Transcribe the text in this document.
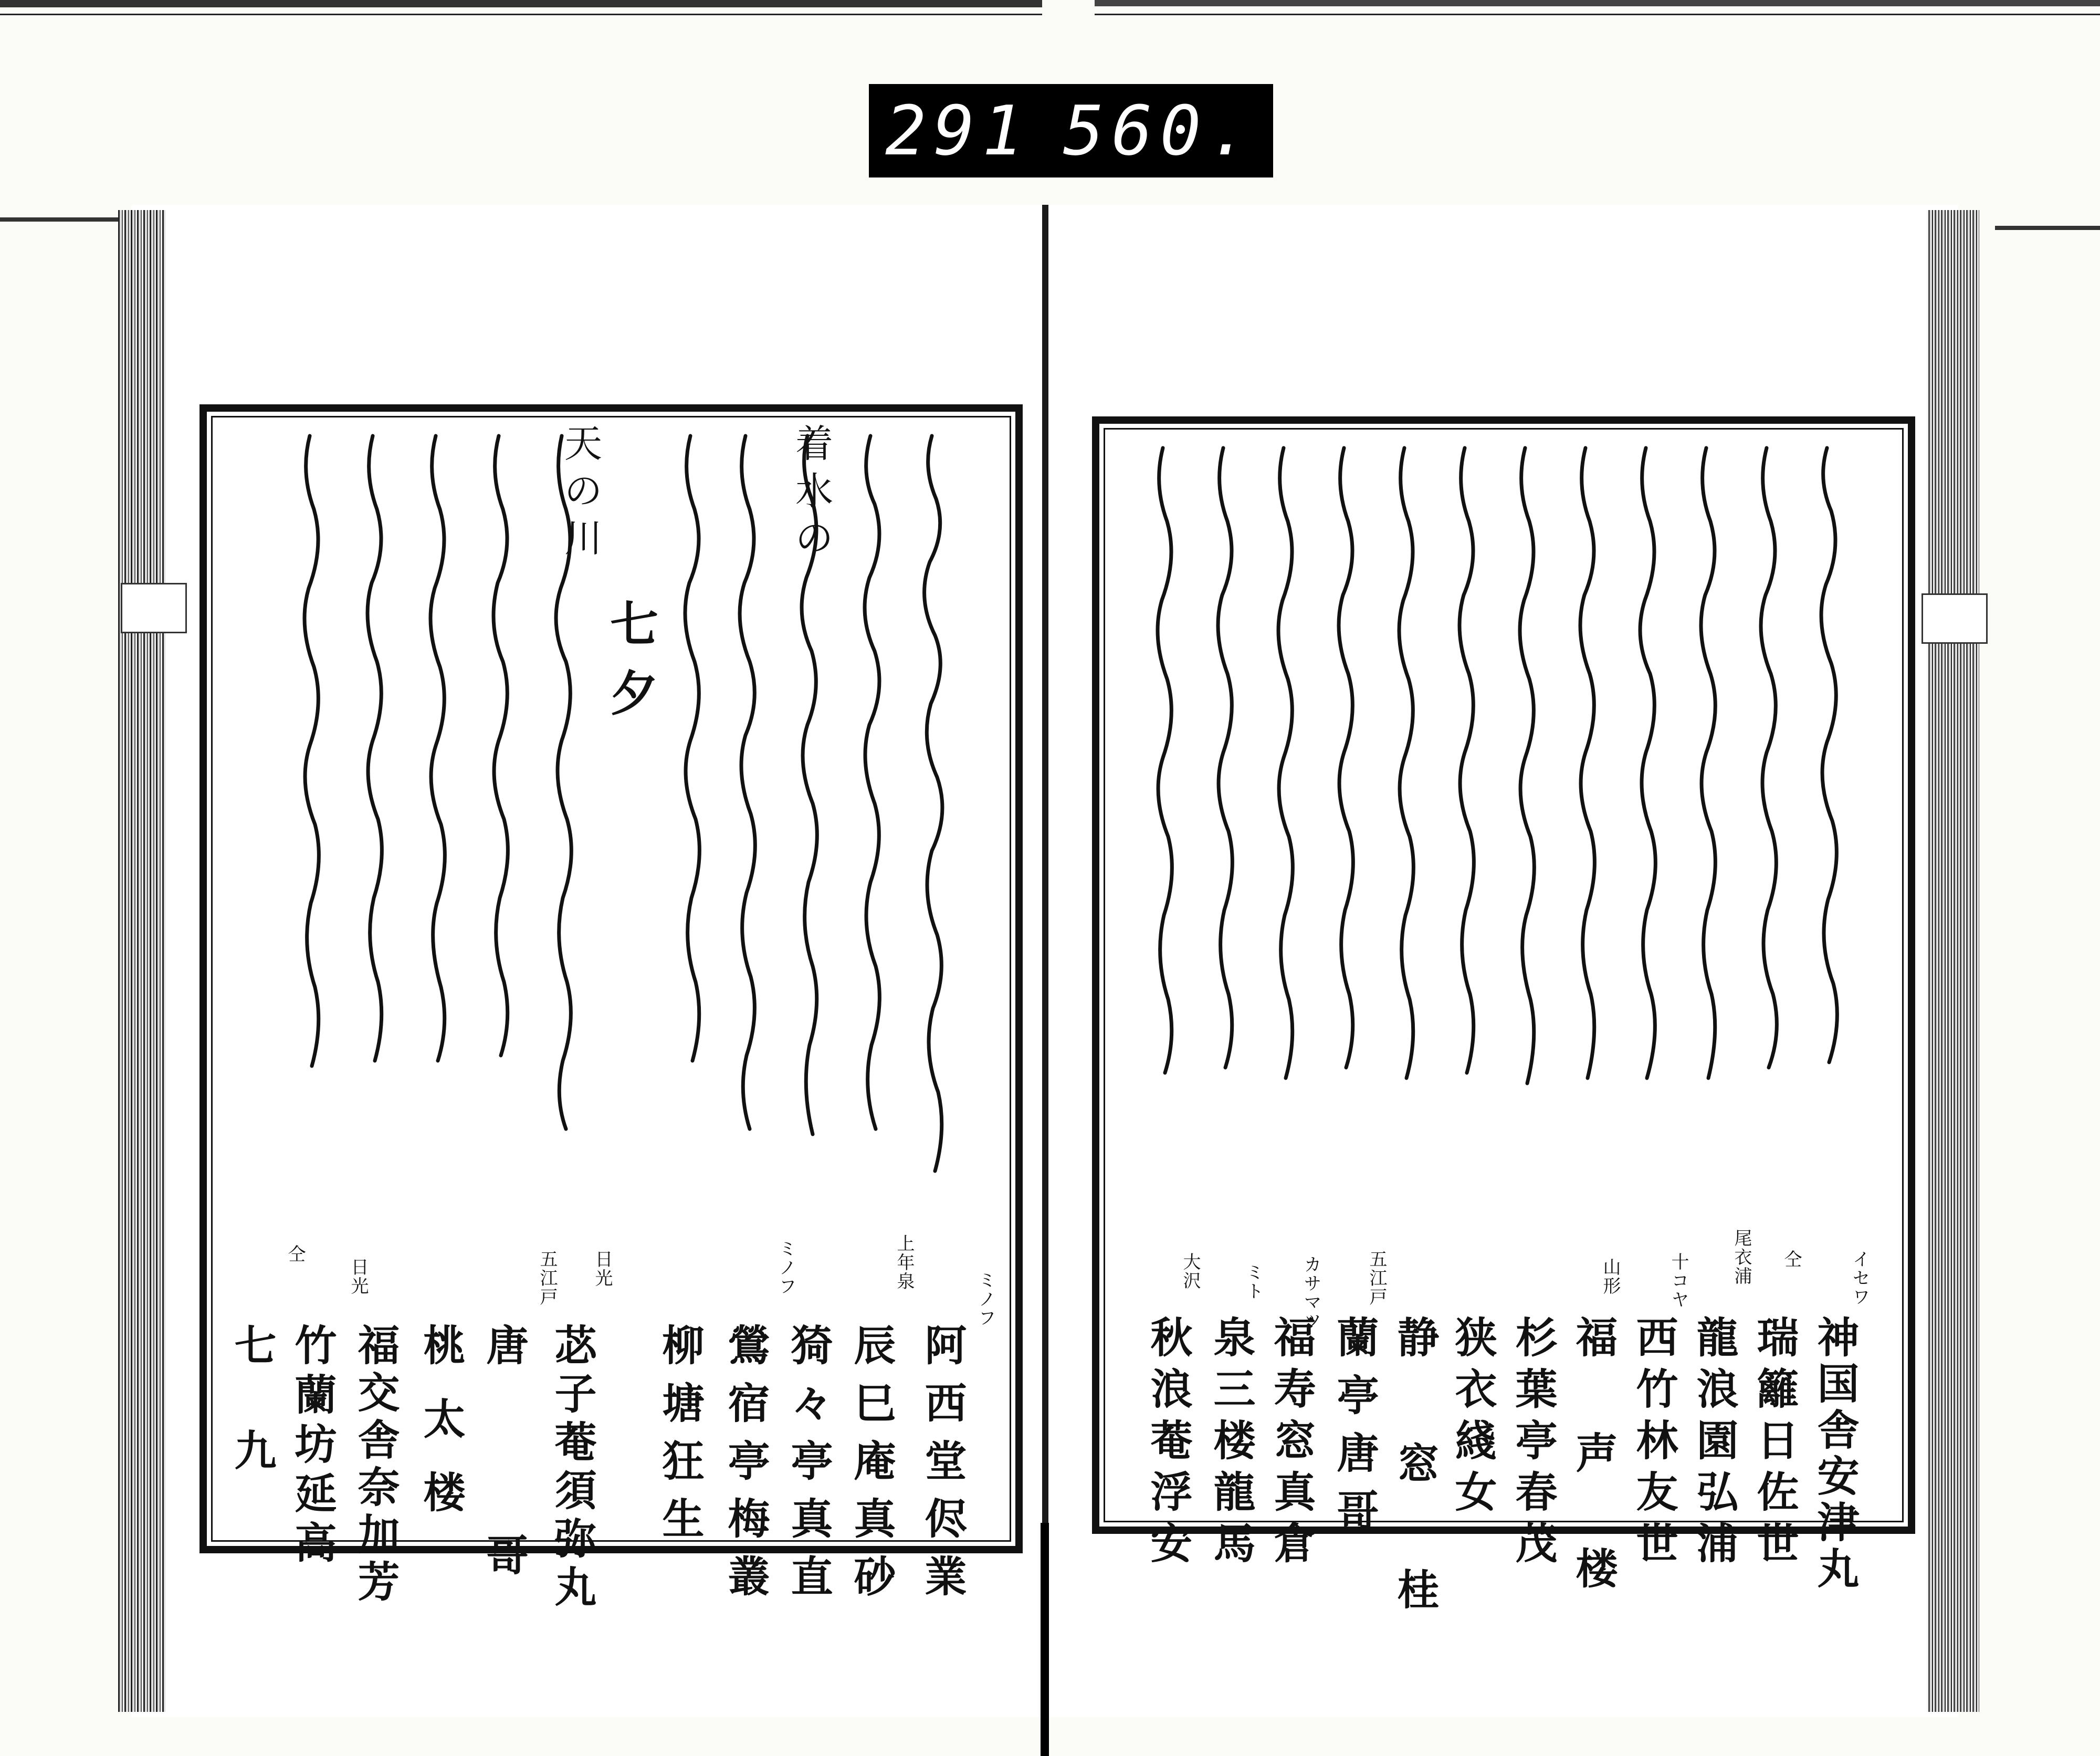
291 560.
七夕
阿西堂侭業
辰巳庵真砂
猗々亭真直
鶯宿亭梅叢
柳塘狂生
苾子菴須弥丸
唐　哥
桃太楼
福交舎奈加芳
竹蘭坊延高
七九
ミノフ
上年泉
ミノフ
日光
五江戸
日光
仝
着
水
の
天
の
川
神国舎安津丸
瑞籬日佐世
龍浪園弘浦
西竹林友世
福　声　楼
杉葉亭春茂
狭衣綫女
静　窓　桂
蘭亭唐哥
福寿窓真倉
泉三楼龍馬
秋浪菴浮安
イセワ
仝
尾衣浦
十コヤ
山形
五江戸
カサマツ
ミト
大沢
